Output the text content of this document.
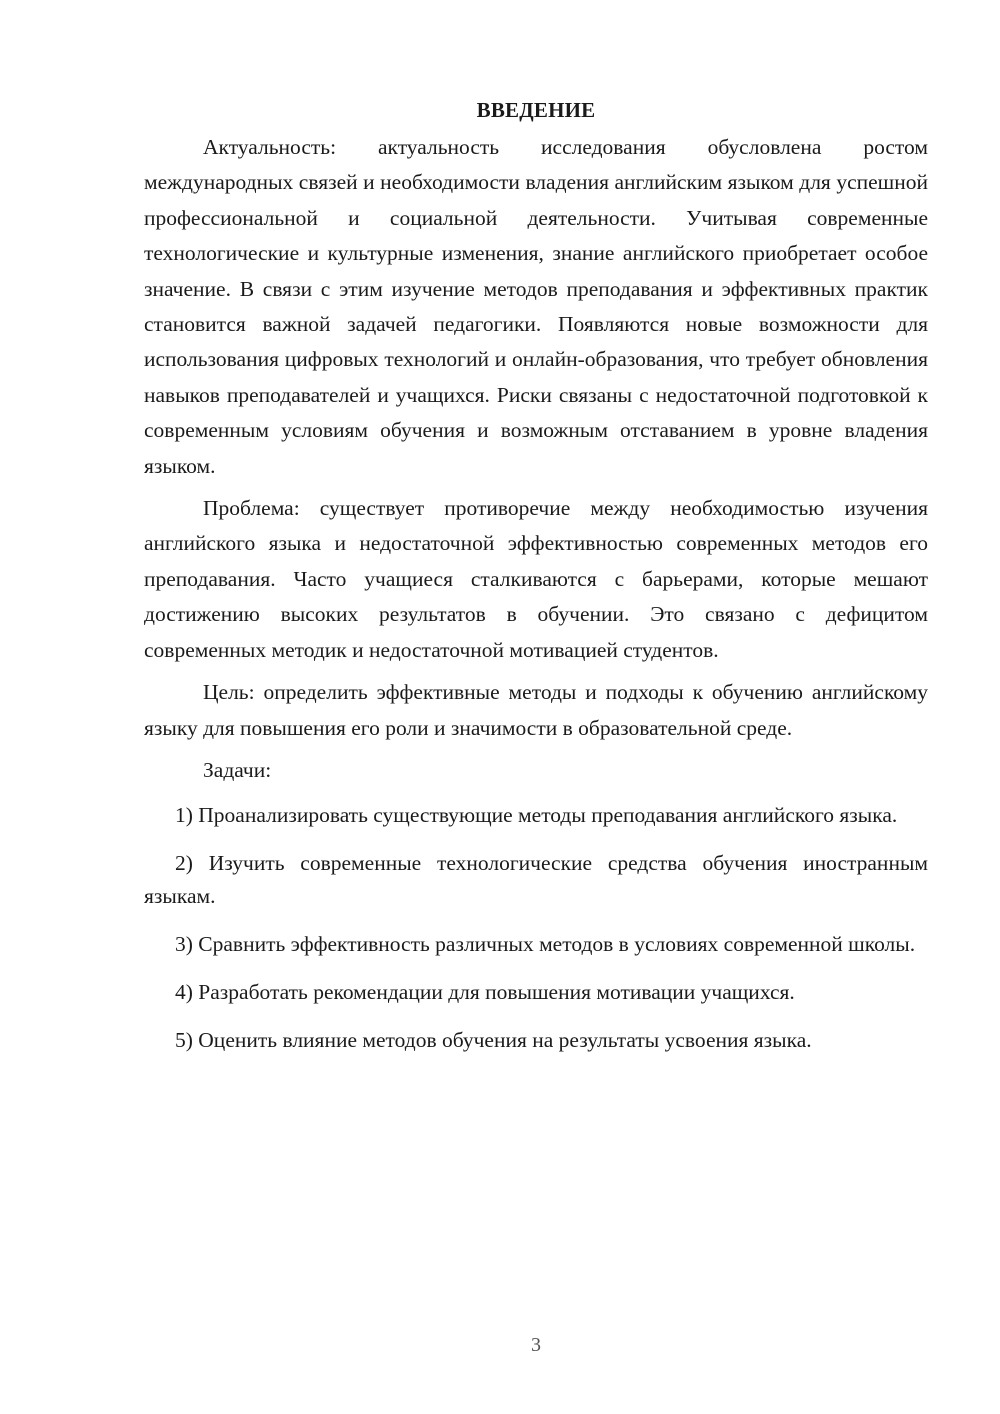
ВВЕДЕНИЕ

Актуальность: актуальность исследования обусловлена ростом международных связей и необходимости владения английским языком для успешной профессиональной и социальной деятельности. Учитывая современные технологические и культурные изменения, знание английского приобретает особое значение. В связи с этим изучение методов преподавания и эффективных практик становится важной задачей педагогики. Появляются новые возможности для использования цифровых технологий и онлайн-образования, что требует обновления навыков преподавателей и учащихся. Риски связаны с недостаточной подготовкой к современным условиям обучения и возможным отставанием в уровне владения языком.

Проблема: существует противоречие между необходимостью изучения английского языка и недостаточной эффективностью современных методов его преподавания. Часто учащиеся сталкиваются с барьерами, которые мешают достижению высоких результатов в обучении. Это связано с дефицитом современных методик и недостаточной мотивацией студентов.

Цель: определить эффективные методы и подходы к обучению английскому языку для повышения его роли и значимости в образовательной среде.

Задачи:

1) Проанализировать существующие методы преподавания английского языка.

2) Изучить современные технологические средства обучения иностранным языкам.

3) Сравнить эффективность различных методов в условиях современной школы.

4) Разработать рекомендации для повышения мотивации учащихся.

5) Оценить влияние методов обучения на результаты усвоения языка.

3
